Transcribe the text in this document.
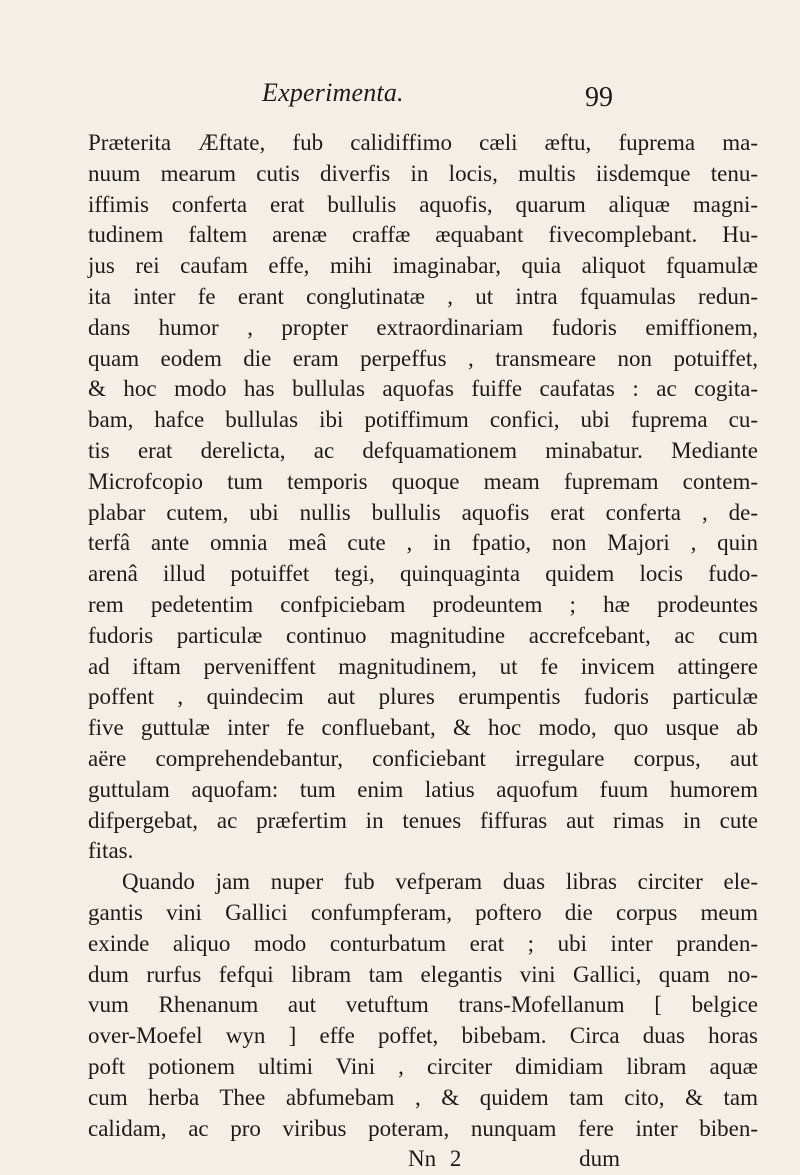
Experimenta.	99
Præterita Æftate, fub calidiffimo cæli æftu, fuprema ma-
nuum mearum cutis diverfis in locis, multis iisdemque tenu-
iffimis conferta erat bullulis aquofis, quarum aliquæ magni-
tudinem faltem arenæ craffæ æquabant fivecomplebant. Hu-
jus rei caufam effe, mihi imaginabar, quia aliquot fquamulæ
ita inter fe erant conglutinatæ , ut intra fquamulas redun-
dans humor , propter extraordinariam fudoris emiffionem,
quam eodem die eram perpeffus , transmeare non potuiffet,
& hoc modo has bullulas aquofas fuiffe caufatas : ac cogita-
bam, hafce bullulas ibi potiffimum confici, ubi fuprema cu-
tis erat derelicta, ac defquamationem minabatur. Mediante
Microfcopio tum temporis quoque meam fupremam contem-
plabar cutem, ubi nullis bullulis aquofis erat conferta , de-
terfâ ante omnia meâ cute , in fpatio, non Majori , quin
arenâ illud potuiffet tegi, quinquaginta quidem locis fudo-
rem pedetentim confpiciebam prodeuntem ; hæ prodeuntes
fudoris particulæ continuo magnitudine accrefcebant, ac cum
ad iftam perveniffent magnitudinem, ut fe invicem attingere
poffent , quindecim aut plures erumpentis fudoris particulæ
five guttulæ inter fe confluebant, & hoc modo, quo usque ab
aëre comprehendebantur, conficiebant irregulare corpus, aut
guttulam aquofam: tum enim latius aquofum fuum humorem
difpergebat, ac præfertim in tenues fiffuras aut rimas in cute
fitas.
Quando jam nuper fub vefperam duas libras circiter ele-
gantis vini Gallici confumpferam, poftero die corpus meum
exinde aliquo modo conturbatum erat ; ubi inter pranden-
dum rurfus fefqui libram tam elegantis vini Gallici, quam no-
vum Rhenanum aut vetuftum trans-Mofellanum [ belgice
over-Moefel wyn ] effe poffet, bibebam. Circa duas horas
poft potionem ultimi Vini , circiter dimidiam libram aquæ
cum herba Thee abfumebam , & quidem tam cito, & tam
calidam, ac pro viribus poteram, nunquam fere inter biben-
Nn 2	dum
